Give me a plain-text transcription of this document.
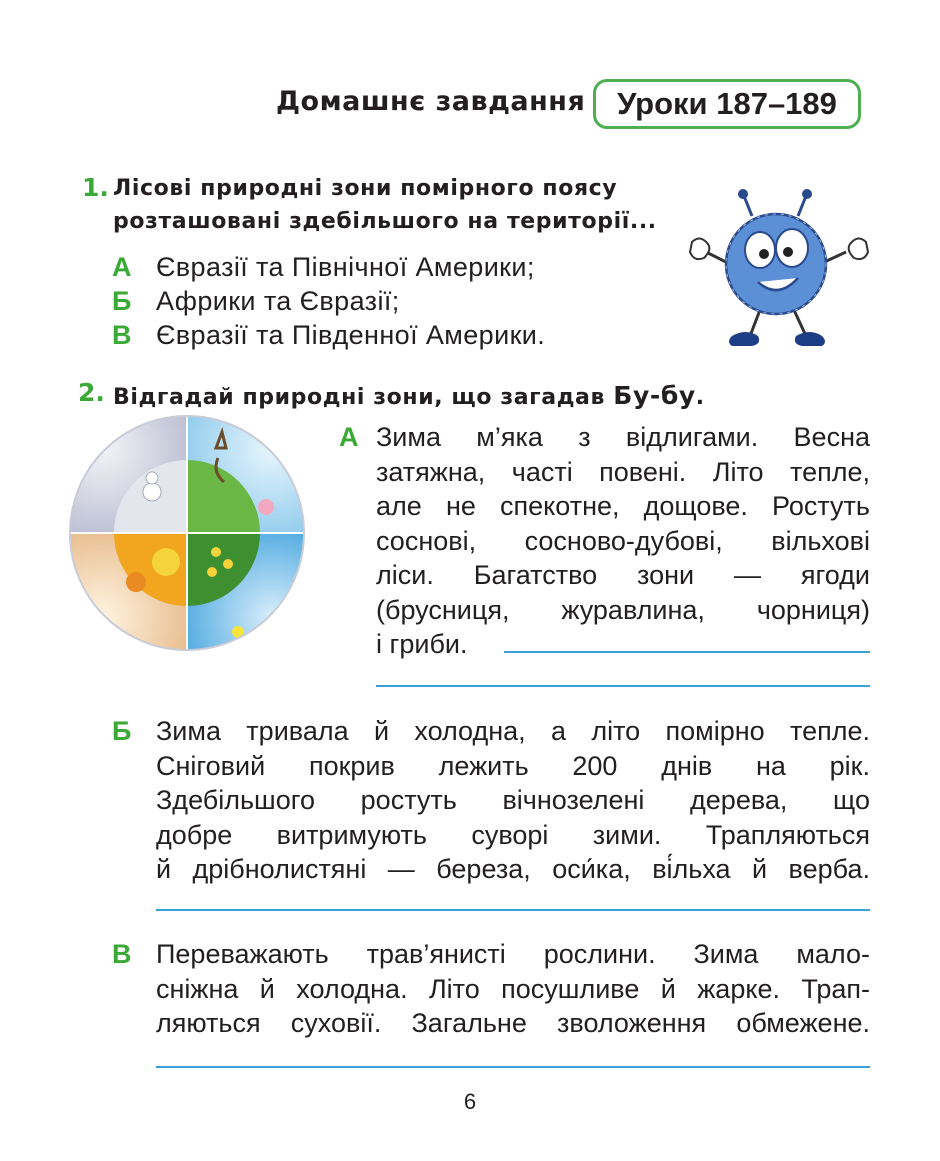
Домашнє завдання Уроки 187–189
1. Лісові природні зони помірного поясу
розташовані здебільшого на території...
А Євразії та Північної Америки;
Б Африки та Євразії;
В Євразії та Південної Америки.
2. Відгадай природні зони, що загадав Бу-бу.
А Зима м’яка з відлигами. Весна
затяжна, часті повені. Літо тепле,
але не спекотне, дощове. Ростуть
соснові, сосново-дубові, вільхові
ліси. Багатство зони — ягоди
(брусниця, журавлина, чорниця)
і гриби.
Б Зима тривала й холодна, а літо помірно тепле.
Сніговий покрив лежить 200 днів на рік.
Здебільшого ростуть вічнозелені дерева, що
добре витримують суворі зими. Трапляються
й дрібнолистяні — береза, оси́ка, ві́льха й верба.
В Переважають трав’янисті рослини. Зима мало-
сніжна й холодна. Літо посушливе й жарке. Трап-
ляються суховії. Загальне зволоження обмежене.
6
